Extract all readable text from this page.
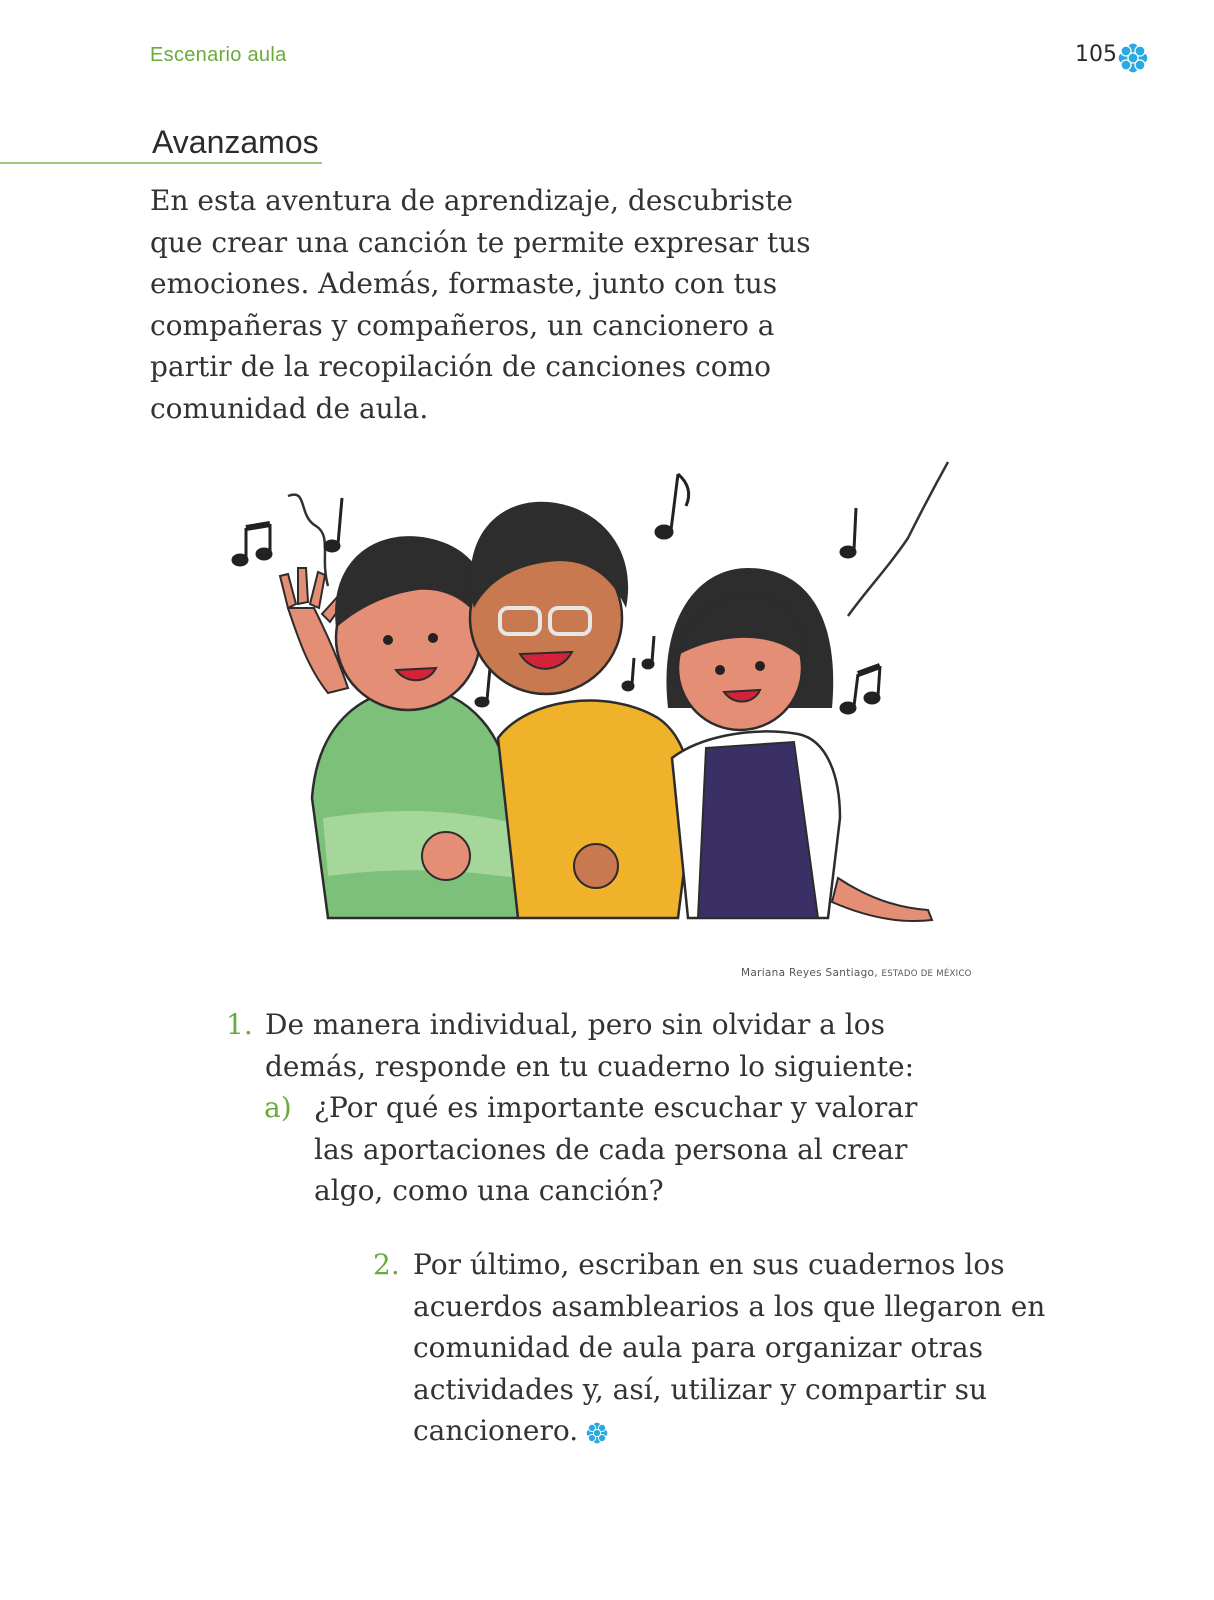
Escenario aula	105
Avanzamos

En esta aventura de aprendizaje, descubriste que crear una canción te permite expresar tus emociones. Además, formaste, junto con tus compañeras y compañeros, un cancionero a partir de la recopilación de canciones como comunidad de aula.

Mariana Reyes Santiago, ESTADO DE MÉXICO
1. De manera individual, pero sin olvidar a los demás, responde en tu cuaderno lo siguiente:

a) ¿Por qué es importante escuchar y valorar las aportaciones de cada persona al crear algo, como una canción?

2. Por último, escriban en sus cuadernos los acuerdos asamblearios a los que llegaron en comunidad de aula para organizar otras actividades y, así, utilizar y compartir su cancionero.
